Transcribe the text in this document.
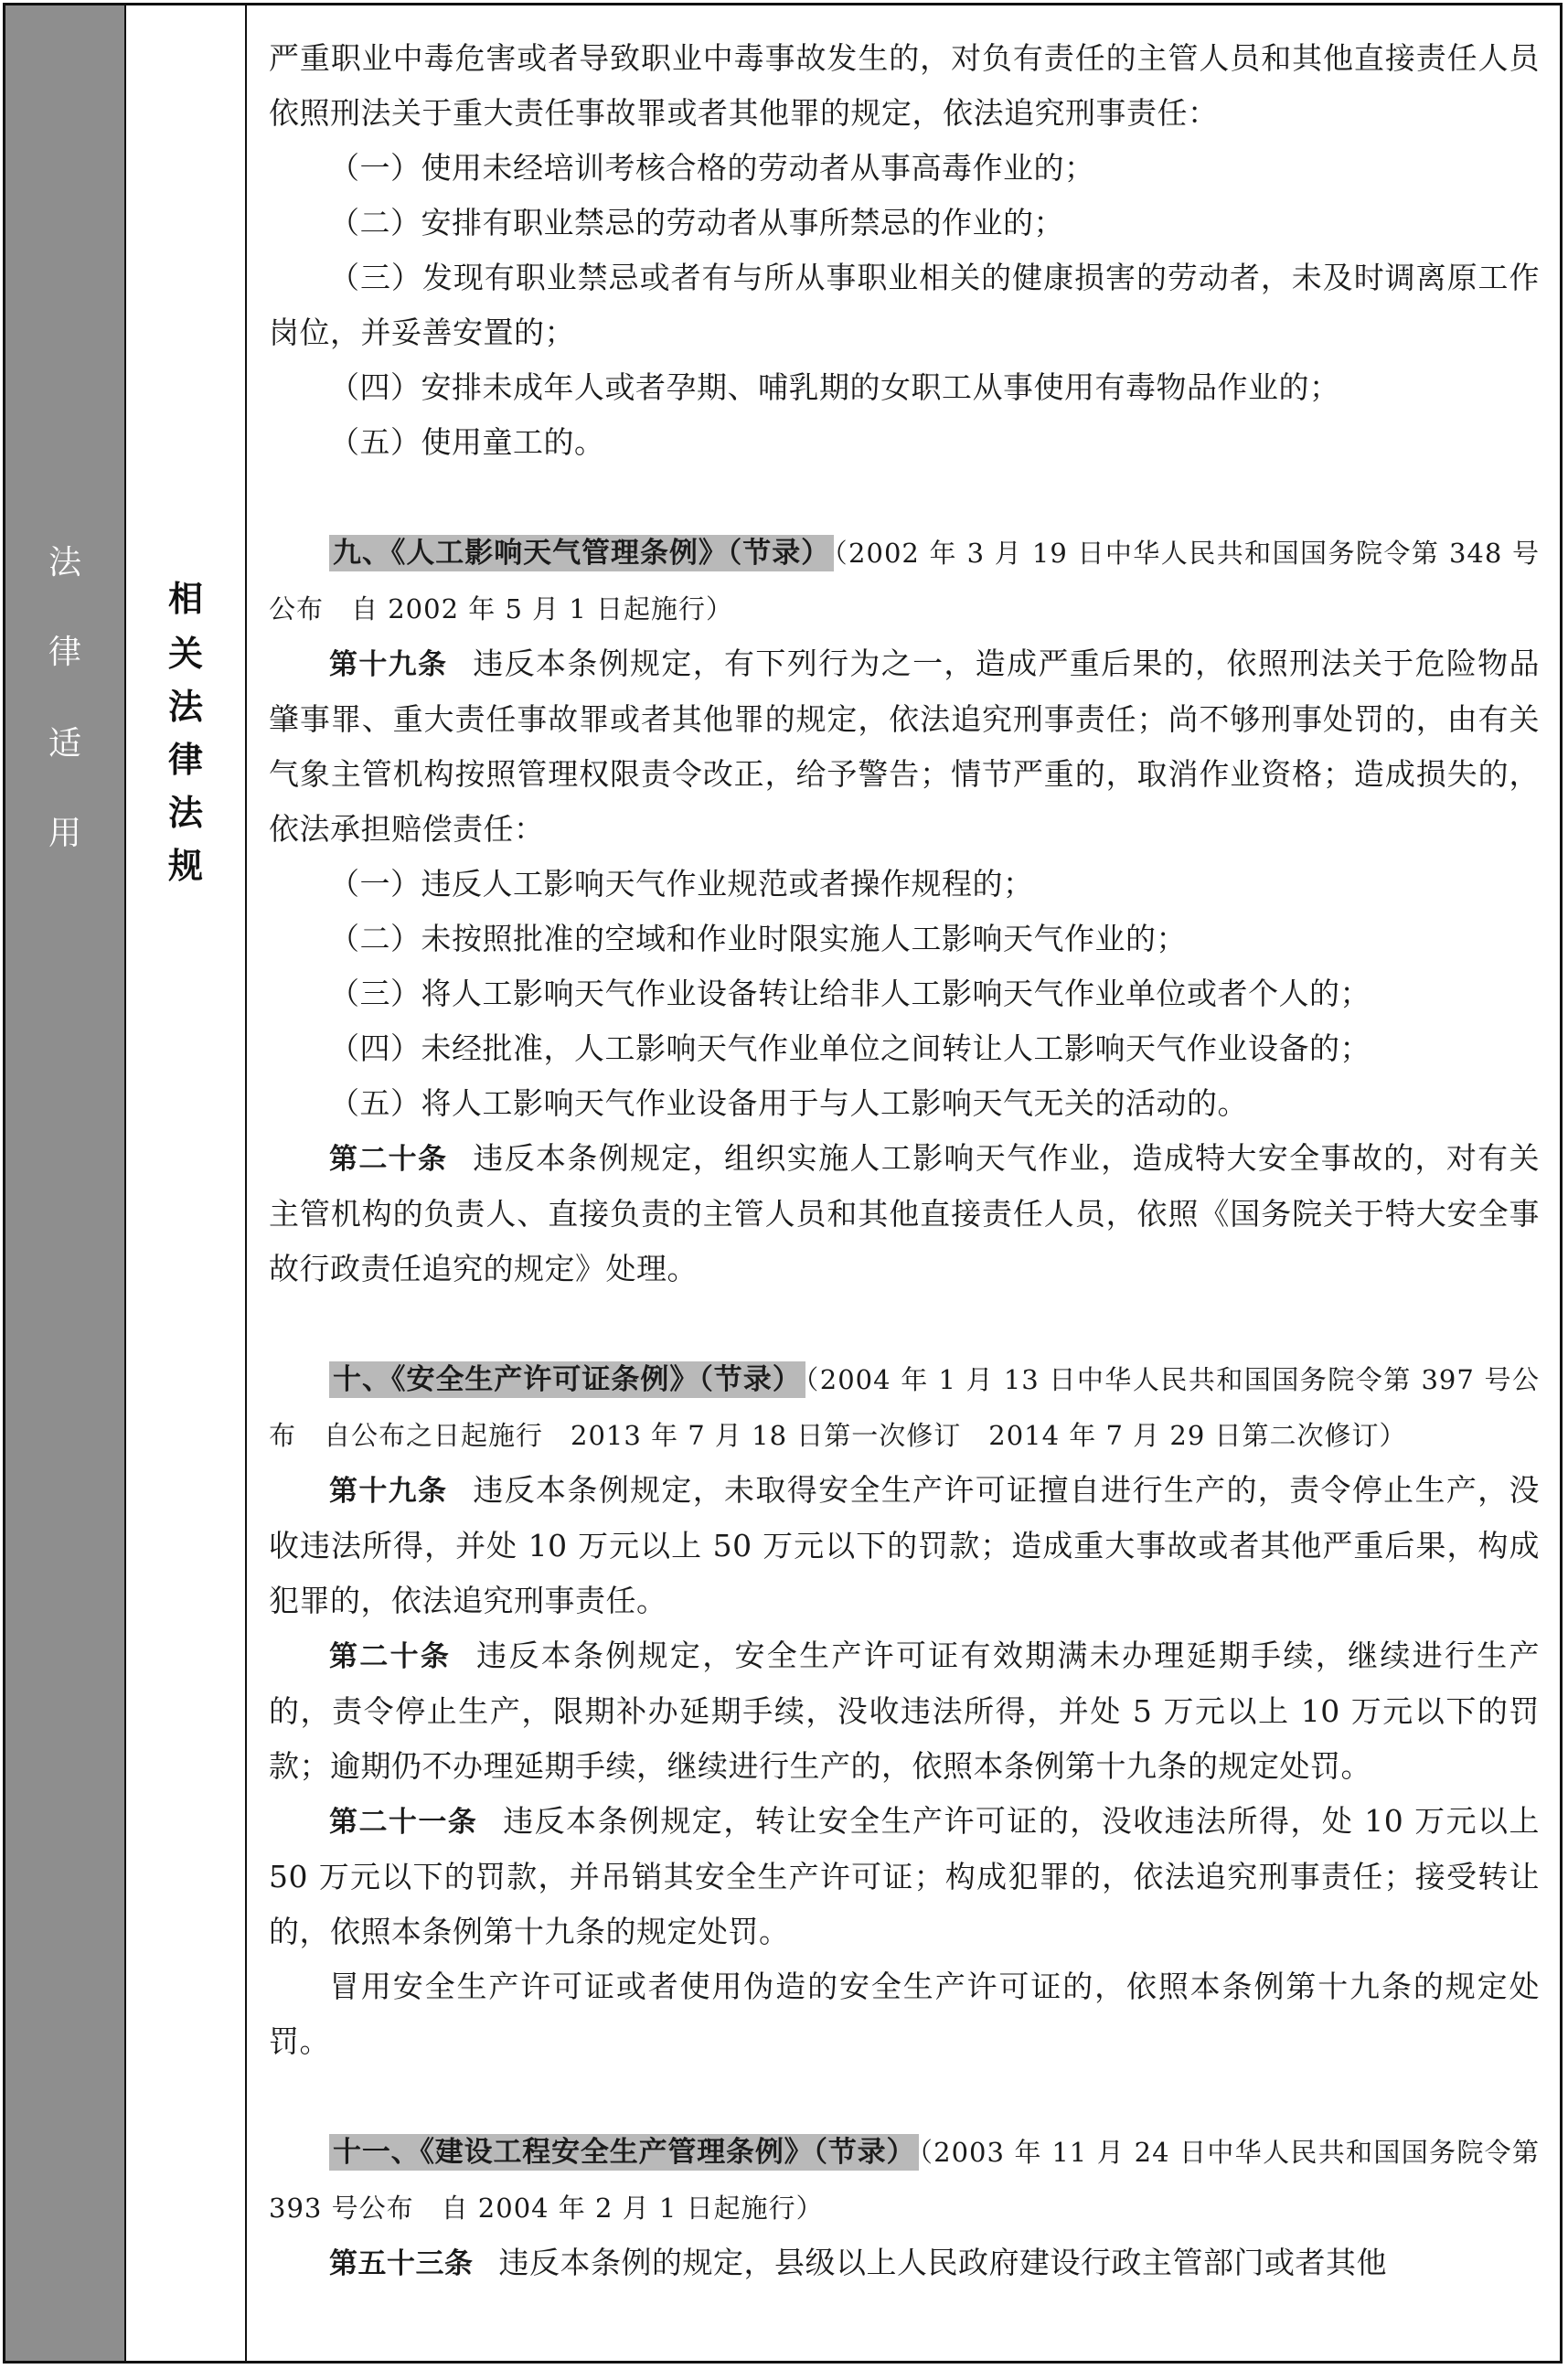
法
律
适
用
相
关
法
律
法
规

严重职业中毒危害或者导致职业中毒事故发生的，对负有责任的主管人员和其他直接责任人员依照刑法关于重大责任事故罪或者其他罪的规定，依法追究刑事责任：

（一）使用未经培训考核合格的劳动者从事高毒作业的；

（二）安排有职业禁忌的劳动者从事所禁忌的作业的；

（三）发现有职业禁忌或者有与所从事职业相关的健康损害的劳动者，未及时调离原工作岗位，并妥善安置的；

（四）安排未成年人或者孕期、哺乳期的女职工从事使用有毒物品作业的；

（五）使用童工的。

九、《人工影响天气管理条例》（节录） （2002 年 3 月 19 日中华人民共和国国务院令第 348 号公布　自 2002 年 5 月 1 日起施行）

第十九条 违反本条例规定，有下列行为之一，造成严重后果的，依照刑法关于危险物品肇事罪、重大责任事故罪或者其他罪的规定，依法追究刑事责任；尚不够刑事处罚的，由有关气象主管机构按照管理权限责令改正，给予警告；情节严重的，取消作业资格；造成损失的，依法承担赔偿责任：

（一）违反人工影响天气作业规范或者操作规程的；

（二）未按照批准的空域和作业时限实施人工影响天气作业的；

（三）将人工影响天气作业设备转让给非人工影响天气作业单位或者个人的；

（四）未经批准，人工影响天气作业单位之间转让人工影响天气作业设备的；

（五）将人工影响天气作业设备用于与人工影响天气无关的活动的。

第二十条 违反本条例规定，组织实施人工影响天气作业，造成特大安全事故的，对有关主管机构的负责人、直接负责的主管人员和其他直接责任人员，依照《国务院关于特大安全事故行政责任追究的规定》处理。

十、《安全生产许可证条例》（节录） （2004 年 1 月 13 日中华人民共和国国务院令第 397 号公布　自公布之日起施行　2013 年 7 月 18 日第一次修订　2014 年 7 月 29 日第二次修订）

第十九条 违反本条例规定，未取得安全生产许可证擅自进行生产的，责令停止生产，没收违法所得，并处 10 万元以上 50 万元以下的罚款；造成重大事故或者其他严重后果，构成犯罪的，依法追究刑事责任。

第二十条 违反本条例规定，安全生产许可证有效期满未办理延期手续，继续进行生产的，责令停止生产，限期补办延期手续，没收违法所得，并处 5 万元以上 10 万元以下的罚款；逾期仍不办理延期手续，继续进行生产的，依照本条例第十九条的规定处罚。

第二十一条 违反本条例规定，转让安全生产许可证的，没收违法所得，处 10 万元以上 50 万元以下的罚款，并吊销其安全生产许可证；构成犯罪的，依法追究刑事责任；接受转让的，依照本条例第十九条的规定处罚。

冒用安全生产许可证或者使用伪造的安全生产许可证的，依照本条例第十九条的规定处罚。

十一、《建设工程安全生产管理条例》（节录） （2003 年 11 月 24 日中华人民共和国国务院令第 393 号公布　自 2004 年 2 月 1 日起施行）

第五十三条 违反本条例的规定，县级以上人民政府建设行政主管部门或者其他
